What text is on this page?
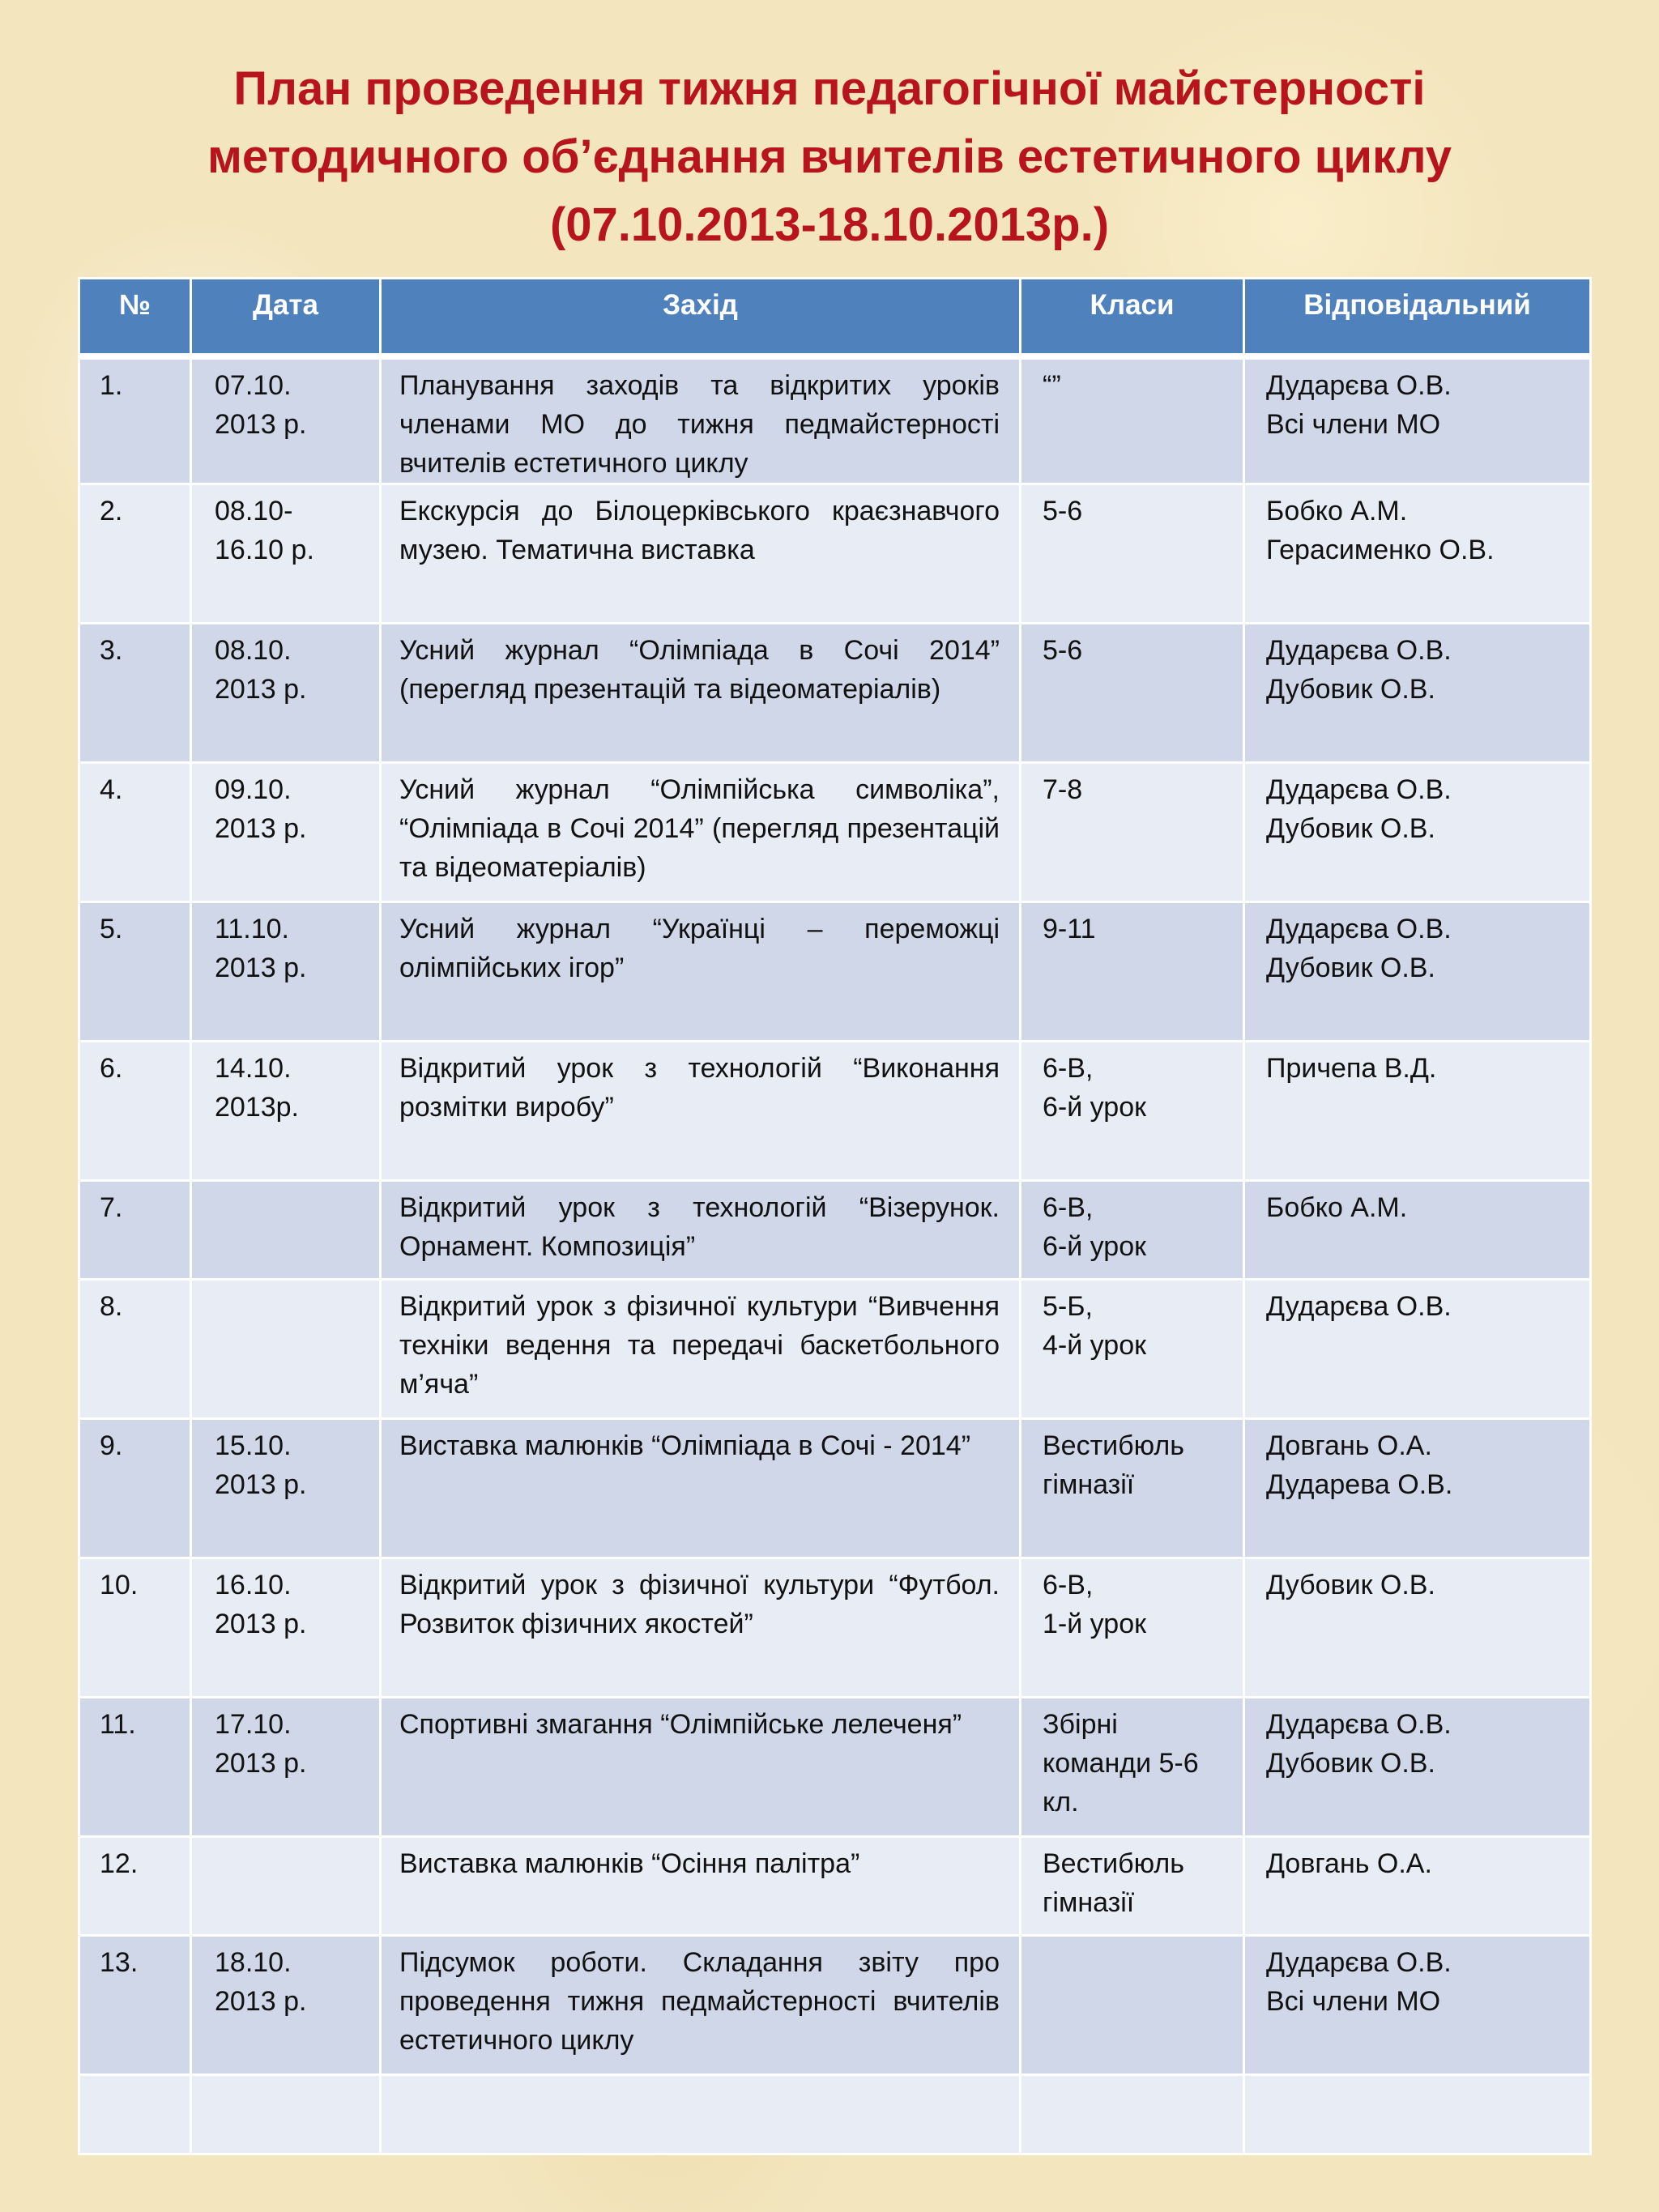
План проведення тижня педагогічної майстерності
методичного об’єднання вчителів естетичного циклу
(07.10.2013-18.10.2013р.)
№	Дата	Захід	Класи	Відповідальний
1.	07.10.
2013 р.	Планування заходів та відкритих уроків членами МО до тижня педмайстерності вчителів естетичного циклу	“”	Дударєва О.В.
Всі члени МО

2.	08.10-
16.10 р.	Екскурсія до Білоцерківського краєзнавчого музею. Тематична виставка	5-6	Бобко А.М.
Герасименко О.В.

3.	08.10.
2013 р.	Усний журнал “Олімпіада в Сочі 2014” (перегляд презентацій та відеоматеріалів)	5-6	Дударєва О.В.
Дубовик О.В.

4.	09.10.
2013 р.	Усний журнал “Олімпійська символіка”, “Олімпіада в Сочі 2014” (перегляд презентацій та відеоматеріалів)	7-8	Дударєва О.В.
Дубовик О.В.

5.	11.10.
2013 р.	Усний журнал “Українці – переможці олімпійських ігор”	9-11	Дударєва О.В.
Дубовик О.В.

6.	14.10.
2013р.	Відкритий урок з технологій “Виконання розмітки виробу”	6-В,
6-й урок	Причепа В.Д.

7.		Відкритий урок з технологій “Візерунок. Орнамент. Композиція”	6-В,
6-й урок	Бобко А.М.

8.		Відкритий урок з фізичної культури “Вивчення техніки ведення та передачі баскетбольного м’яча”	5-Б,
4-й урок	Дударєва О.В.

9.	15.10.
2013 р.	Виставка малюнків “Олімпіада в Сочі - 2014”	Вестибюль
гімназії	Довгань О.А.
Дударева О.В.

10.	16.10.
2013 р.	Відкритий урок з фізичної культури “Футбол. Розвиток фізичних якостей”	6-В,
1-й урок	Дубовик О.В.

11.	17.10.
2013 р.	Спортивні змагання “Олімпійське лелеченя”	Збірні
команди 5-6
кл.	Дударєва О.В.
Дубовик О.В.

12.		Виставка малюнків “Осіння палітра”	Вестибюль
гімназії	Довгань О.А.

13.	18.10.
2013 р.	Підсумок роботи. Складання звіту про проведення тижня педмайстерності вчителів естетичного циклу		Дударєва О.В.
Всі члени МО
